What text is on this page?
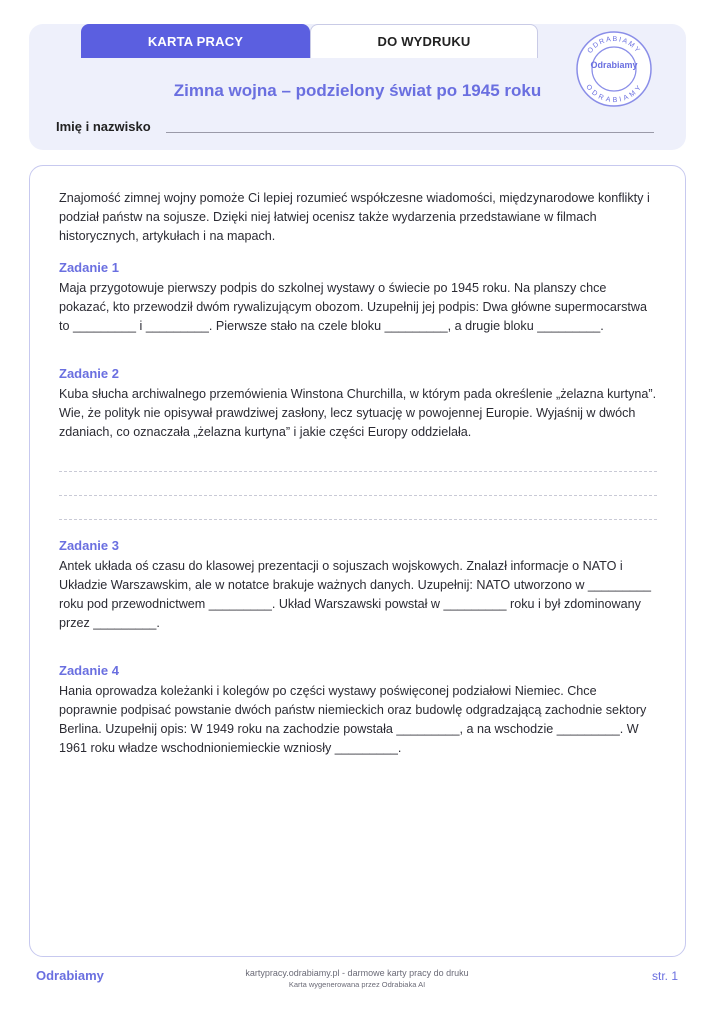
KARTA PRACY	DO WYDRUKU
Zimna wojna – podzielony świat po 1945 roku
Imię i nazwisko
ODRABIAMY
ODRABIAMY
Odrabiamy

Znajomość zimnej wojny pomoże Ci lepiej rozumieć współczesne wiadomości, międzynarodowe konflikty i podział państw na sojusze. Dzięki niej łatwiej ocenisz także wydarzenia przedstawiane w filmach historycznych, artykułach i na mapach.

Zadanie 1

Maja przygotowuje pierwszy podpis do szkolnej wystawy o świecie po 1945 roku. Na planszy chce pokazać, kto przewodził dwóm rywalizującym obozom. Uzupełnij jej podpis: Dwa główne supermocarstwa to _________ i _________. Pierwsze stało na czele bloku _________, a drugie bloku _________.

Zadanie 2

Kuba słucha archiwalnego przemówienia Winstona Churchilla, w którym pada określenie „żelazna kurtyna”. Wie, że polityk nie opisywał prawdziwej zasłony, lecz sytuację w powojennej Europie. Wyjaśnij w dwóch zdaniach, co oznaczała „żelazna kurtyna” i jakie części Europy oddzielała.

Zadanie 3

Antek układa oś czasu do klasowej prezentacji o sojuszach wojskowych. Znalazł informacje o NATO i Układzie Warszawskim, ale w notatce brakuje ważnych danych. Uzupełnij: NATO utworzono w _________ roku pod przewodnictwem _________. Układ Warszawski powstał w _________ roku i był zdominowany przez _________.

Zadanie 4

Hania oprowadza koleżanki i kolegów po części wystawy poświęconej podziałowi Niemiec. Chce poprawnie podpisać powstanie dwóch państw niemieckich oraz budowlę odgradzającą zachodnie sektory Berlina. Uzupełnij opis: W 1949 roku na zachodzie powstała _________, a na wschodzie _________. W 1961 roku władze wschodnioniemieckie wzniosły _________.

Odrabiamy	kartypracy.odrabiamy.pl - darmowe karty pracy do druku
Karta wygenerowana przez Odrabiaka AI
str. 1
